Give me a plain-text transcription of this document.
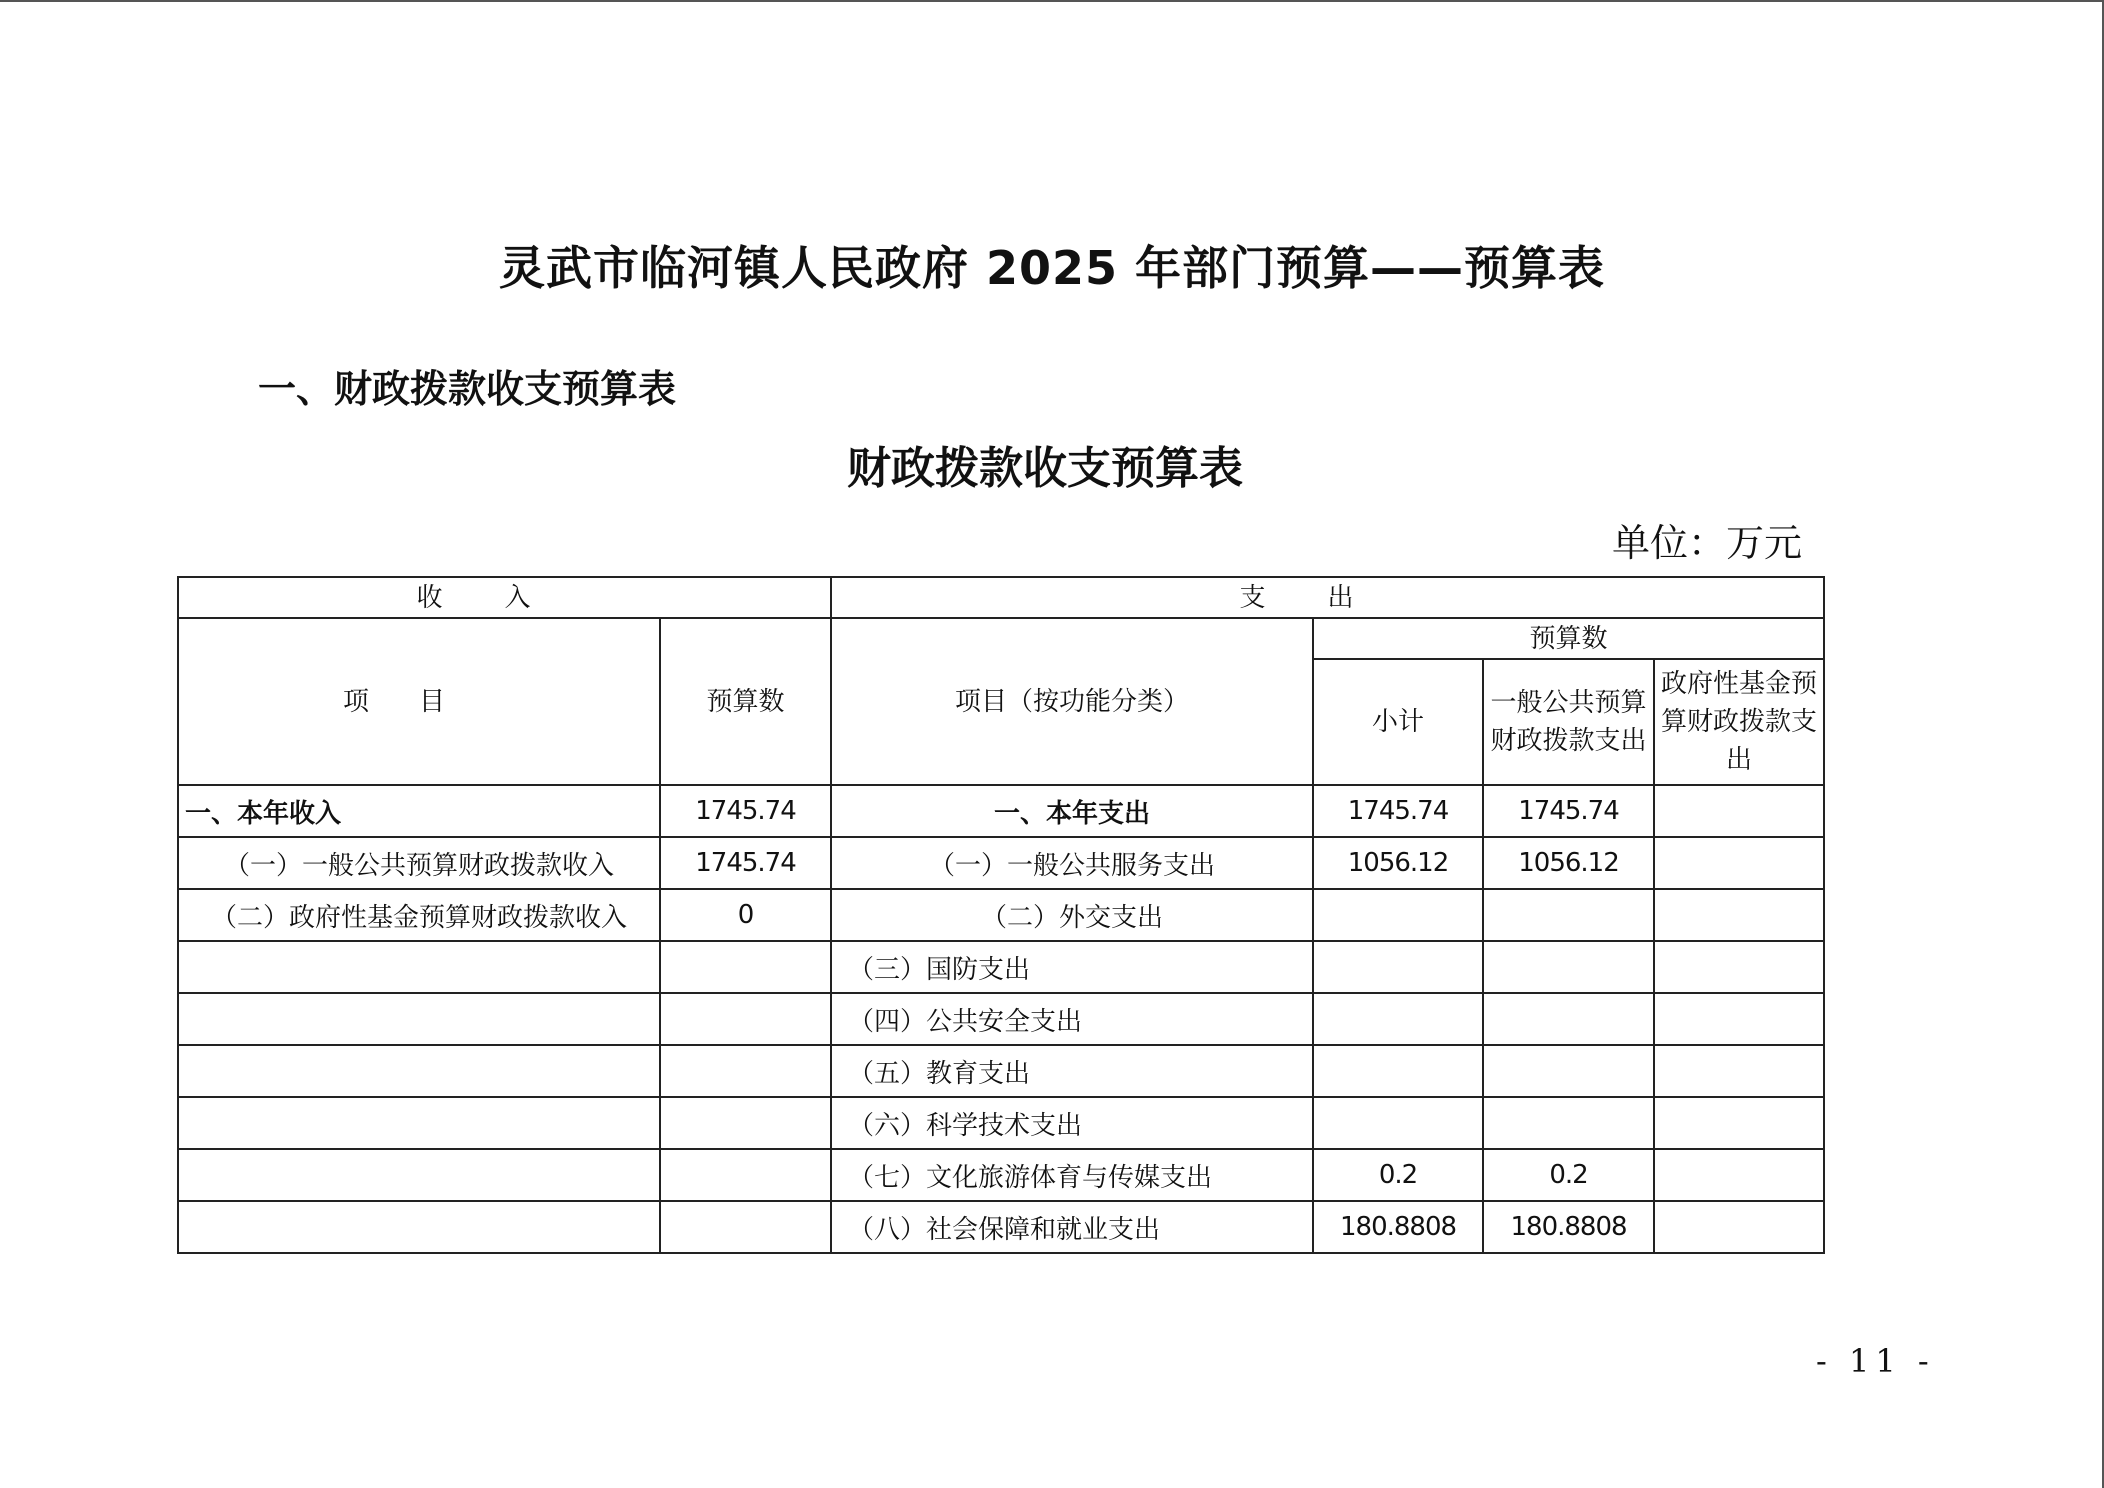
灵武市临河镇人民政府 2025 年部门预算——预算表
一、财政拨款收支预算表
财政拨款收支预算表
单位：万元
收入		支出			
项目	预算数	项目（按功能分类）	预算数		
			小计	一般公共预算财政拨款支出	政府性基金预算财政拨款支出
一、本年收入	1745.74	一、本年支出	1745.74	1745.74	
（一）一般公共预算财政拨款收入	1745.74	（一）一般公共服务支出	1056.12	1056.12	
（二）政府性基金预算财政拨款收入	0	（二）外交支出			
		（三）国防支出			
		（四）公共安全支出			
		（五）教育支出			
		（六）科学技术支出			
		（七）文化旅游体育与传媒支出	0.2	0.2	
		（八）社会保障和就业支出	180.8808	180.8808	
- 11 -
